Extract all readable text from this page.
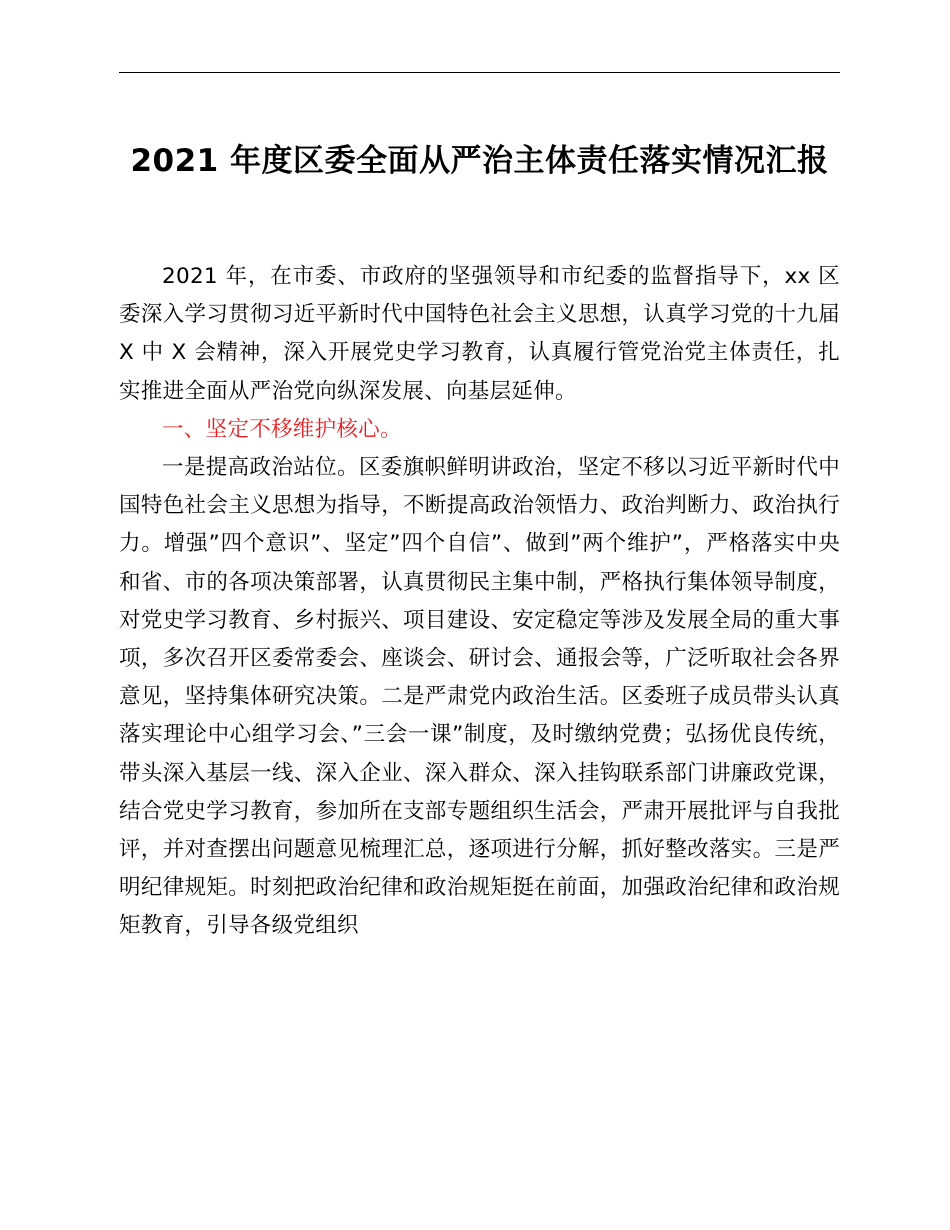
2021 年度区委全面从严治主体责任落实情况汇报

2021 年，在市委、市政府的坚强领导和市纪委的监督指导下，xx 区委深入学习贯彻习近平新时代中国特色社会主义思想，认真学习党的十九届 X 中 X 会精神，深入开展党史学习教育，认真履行管党治党主体责任，扎实推进全面从严治党向纵深发展、向基层延伸。

一、坚定不移维护核心。

一是提高政治站位。区委旗帜鲜明讲政治，坚定不移以习近平新时代中国特色社会主义思想为指导，不断提高政治领悟力、政治判断力、政治执行力。增强”四个意识”、坚定”四个自信”、做到”两个维护”，严格落实中央和省、市的各项决策部署，认真贯彻民主集中制，严格执行集体领导制度，对党史学习教育、乡村振兴、项目建设、安定稳定等涉及发展全局的重大事项，多次召开区委常委会、座谈会、研讨会、通报会等，广泛听取社会各界意见，坚持集体研究决策。二是严肃党内政治生活。区委班子成员带头认真落实理论中心组学习会、”三会一课”制度，及时缴纳党费；弘扬优良传统，带头深入基层一线、深入企业、深入群众、深入挂钩联系部门讲廉政党课，结合党史学习教育，参加所在支部专题组织生活会，严肃开展批评与自我批评，并对查摆出问题意见梳理汇总，逐项进行分解，抓好整改落实。三是严明纪律规矩。时刻把政治纪律和政治规矩挺在前面，加强政治纪律和政治规矩教育，引导各级党组织
